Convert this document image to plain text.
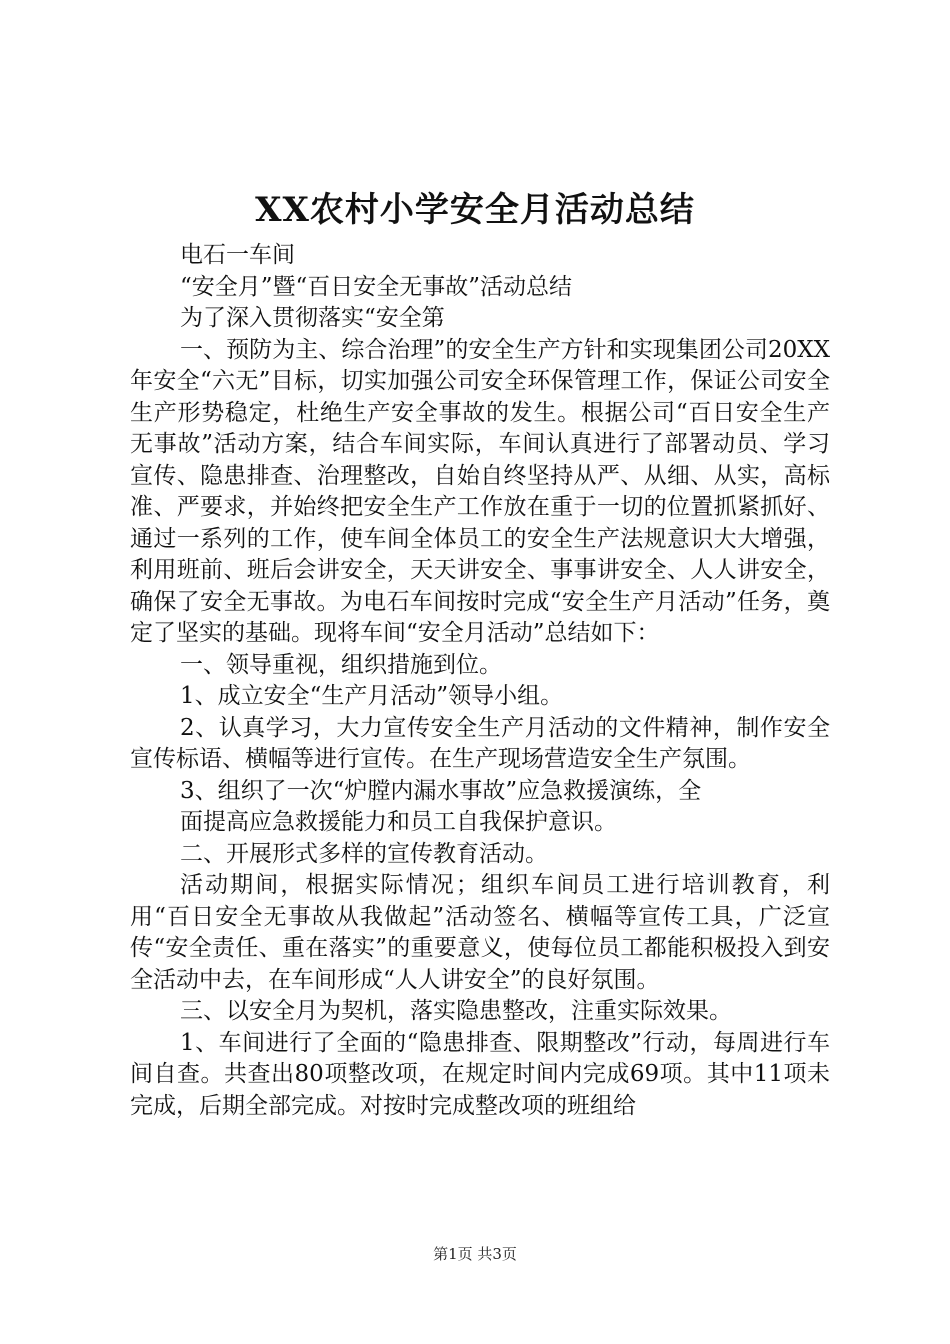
XX农村小学安全月活动总结

电石一车间

“安全月”暨“百日安全无事故”活动总结

为了深入贯彻落实“安全第

一、预防为主、综合治理”的安全生产方针和实现集团公司20XX年安全“六无”目标，切实加强公司安全环保管理工作，保证公司安全生产形势稳定，杜绝生产安全事故的发生。根据公司“百日安全生产无事故”活动方案，结合车间实际，车间认真进行了部署动员、学习宣传、隐患排查、治理整改，自始自终坚持从严、从细、从实，高标准、严要求，并始终把安全生产工作放在重于一切的位置抓紧抓好、通过一系列的工作，使车间全体员工的安全生产法规意识大大增强，利用班前、班后会讲安全，天天讲安全、事事讲安全、人人讲安全，确保了安全无事故。为电石车间按时完成“安全生产月活动”任务，奠定了坚实的基础。现将车间“安全月活动”总结如下：

一、领导重视，组织措施到位。

1、成立安全“生产月活动”领导小组。

2、认真学习，大力宣传安全生产月活动的文件精神，制作安全宣传标语、横幅等进行宣传。在生产现场营造安全生产氛围。

3、组织了一次“炉膛内漏水事故”应急救援演练，全

面提高应急救援能力和员工自我保护意识。

二、开展形式多样的宣传教育活动。

活动期间，根据实际情况；组织车间员工进行培训教育，利用“百日安全无事故从我做起”活动签名、横幅等宣传工具，广泛宣传“安全责任、重在落实”的重要意义，使每位员工都能积极投入到安全活动中去，在车间形成“人人讲安全”的良好氛围。

三、以安全月为契机，落实隐患整改，注重实际效果。

1、车间进行了全面的“隐患排查、限期整改”行动，每周进行车间自查。共查出80项整改项，在规定时间内完成69项。其中11项未完成，后期全部完成。对按时完成整改项的班组给

第1页 共3页
